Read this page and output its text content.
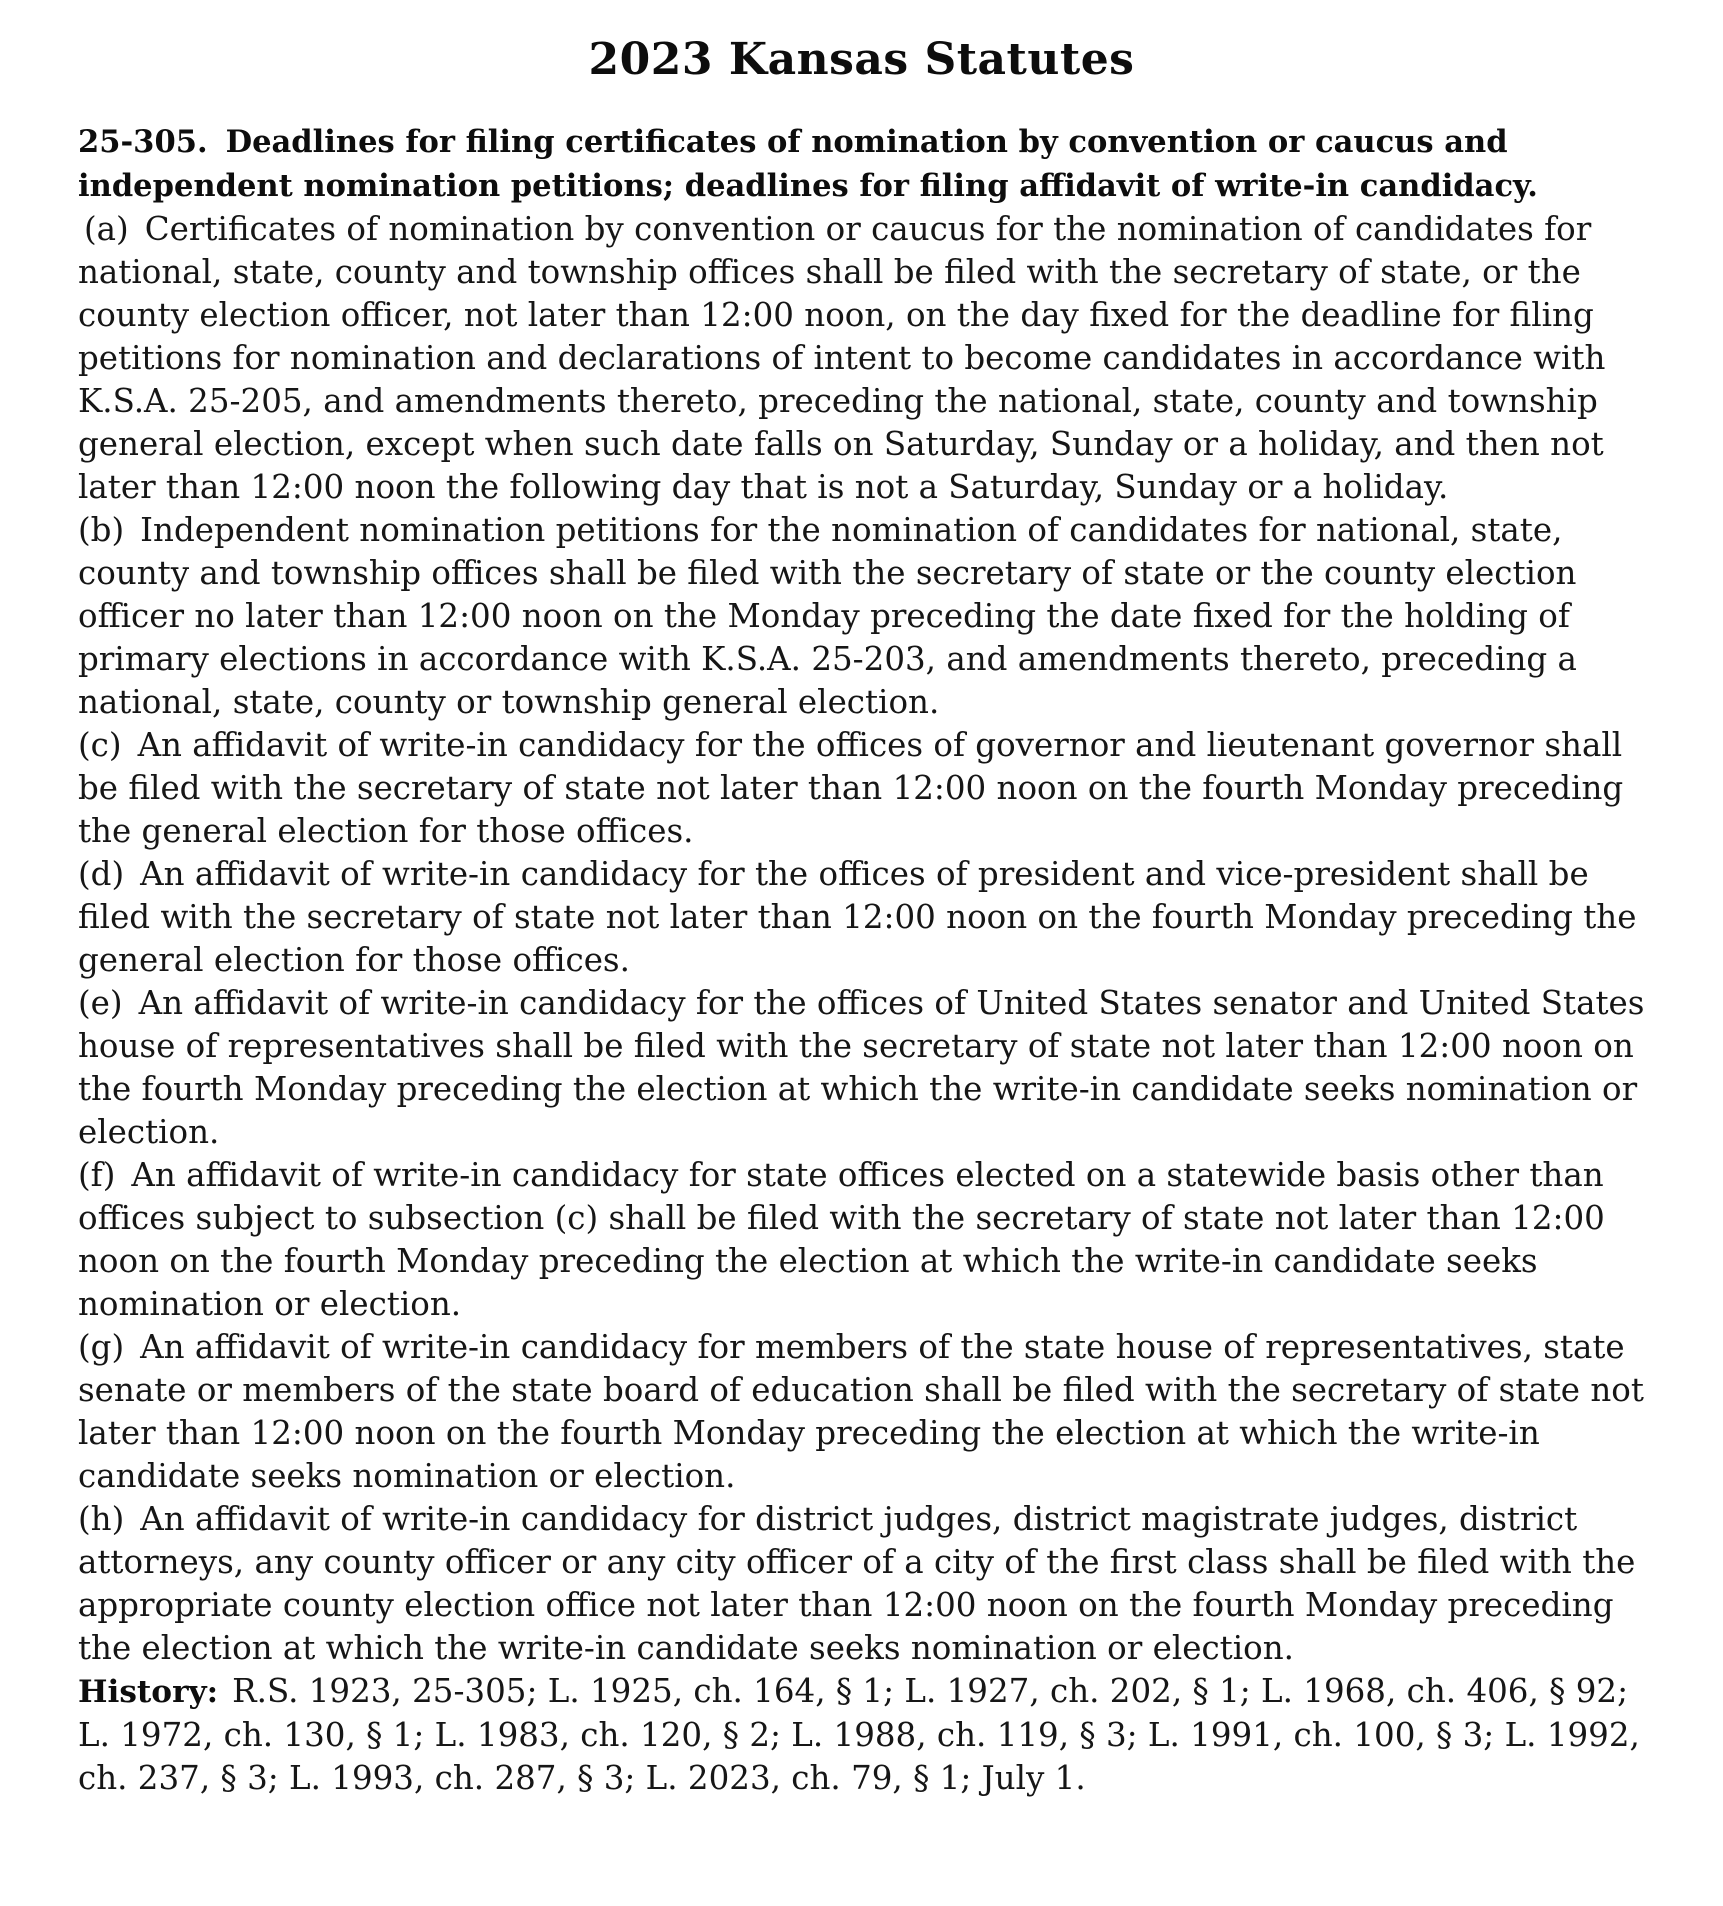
2023 Kansas Statutes

25-305. Deadlines for filing certificates of nomination by convention or caucus and independent nomination petitions; deadlines for filing affidavit of write-in candidacy.(a) Certificates of nomination by convention or caucus for the nomination of candidates for national, state, county and township offices shall be filed with the secretary of state, or the county election officer, not later than 12:00 noon, on the day fixed for the deadline for filing petitions for nomination and declarations of intent to become candidates in accordance with K.S.A. 25-205, and amendments thereto, preceding the national, state, county and township general election, except when such date falls on Saturday, Sunday or a holiday, and then not later than 12:00 noon the following day that is not a Saturday, Sunday or a holiday.

(b) Independent nomination petitions for the nomination of candidates for national, state, county and township offices shall be filed with the secretary of state or the county election officer no later than 12:00 noon on the Monday preceding the date fixed for the holding of primary elections in accordance with K.S.A. 25-203, and amendments thereto, preceding a national, state, county or township general election.

(c) An affidavit of write-in candidacy for the offices of governor and lieutenant governor shall be filed with the secretary of state not later than 12:00 noon on the fourth Monday preceding the general election for those offices.

(d) An affidavit of write-in candidacy for the offices of president and vice-president shall be filed with the secretary of state not later than 12:00 noon on the fourth Monday preceding the general election for those offices.

(e) An affidavit of write-in candidacy for the offices of United States senator and United States house of representatives shall be filed with the secretary of state not later than 12:00 noon on the fourth Monday preceding the election at which the write-in candidate seeks nomination or election.

(f) An affidavit of write-in candidacy for state offices elected on a statewide basis other than offices subject to subsection (c) shall be filed with the secretary of state not later than 12:00 noon on the fourth Monday preceding the election at which the write-in candidate seeks nomination or election.

(g) An affidavit of write-in candidacy for members of the state house of representatives, state senate or members of the state board of education shall be filed with the secretary of state not later than 12:00 noon on the fourth Monday preceding the election at which the write-in candidate seeks nomination or election.

(h) An affidavit of write-in candidacy for district judges, district magistrate judges, district attorneys, any county officer or any city officer of a city of the first class shall be filed with the appropriate county election office not later than 12:00 noon on the fourth Monday preceding the election at which the write-in candidate seeks nomination or election.

History: R.S. 1923, 25-305; L. 1925, ch. 164, § 1; L. 1927, ch. 202, § 1; L. 1968, ch. 406, § 92; L. 1972, ch. 130, § 1; L. 1983, ch. 120, § 2; L. 1988, ch. 119, § 3; L. 1991, ch. 100, § 3; L. 1992, ch. 237, § 3; L. 1993, ch. 287, § 3; L. 2023, ch. 79, § 1; July 1.
